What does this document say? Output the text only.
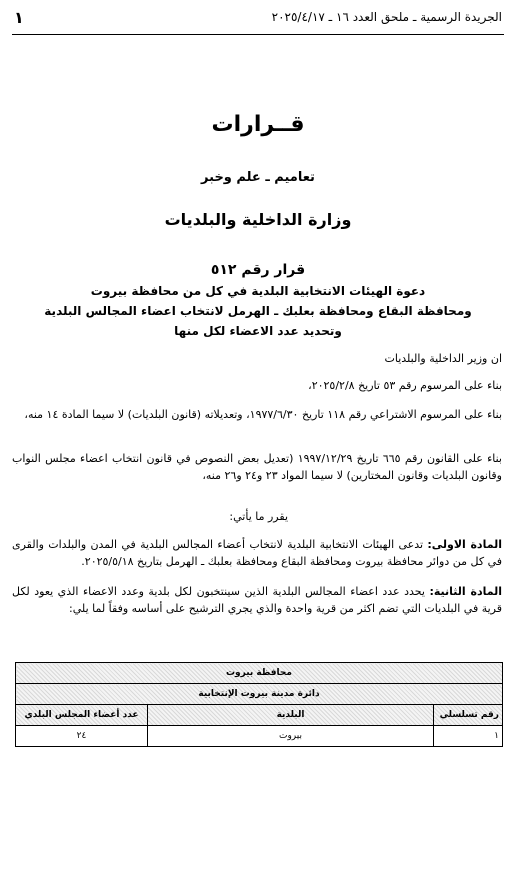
الجريدة الرسمية ـ ملحق العدد ١٦ ـ ٢٠٢٥/٤/١٧
١
قــرارات
تعاميم ـ علم وخبر
وزارة الداخلية والبلديات
قرار رقم ٥١٢
دعوة الهيئات الانتخابية البلدية في كل من محافظة بيروت
ومحافظة البقاع ومحافظة بعلبك ـ الهرمل لانتخاب اعضاء المجالس البلدية
وتحديد عدد الاعضاء لكل منها
ان وزير الداخلية والبلديات
بناء على المرسوم رقم ٥٣ تاريخ ٢٠٢٥/٢/٨،
بناء على المرسوم الاشتراعي رقم ١١٨ تاريخ ١٩٧٧/٦/٣٠، وتعديلاته (قانون البلديات) لا سيما المادة ١٤ منه،
بناء على القانون رقم ٦٦٥ تاريخ ١٩٩٧/١٢/٢٩ (تعديل بعض النصوص في قانون انتخاب اعضاء مجلس النواب وقانون البلديات وقانون المختارين) لا سيما المواد ٢٣ و٢٤ و٢٦ منه،
يقرر ما يأتي:
المادة الاولى: تدعى الهيئات الانتخابية البلدية لانتخاب أعضاء المجالس البلدية في المدن والبلدات والقرى في كل من دوائر محافظة بيروت ومحافظة البقاع ومحافظة بعلبك ـ الهرمل بتاريخ ٢٠٢٥/٥/١٨.
المادة الثانية: يحدد عدد اعضاء المجالس البلدية الذين سينتخبون لكل بلدية وعدد الاعضاء الذي يعود لكل قرية في البلديات التي تضم اكثر من قرية واحدة والذي يجري الترشيح على أساسه وفقاً لما يلي:
محافظة بيروت		
دائرة مدينة بيروت الإنتخابية		
رقم تسلسلي	البلدية	عدد أعضاء المجلس البلدي
١	بيروت	٢٤
